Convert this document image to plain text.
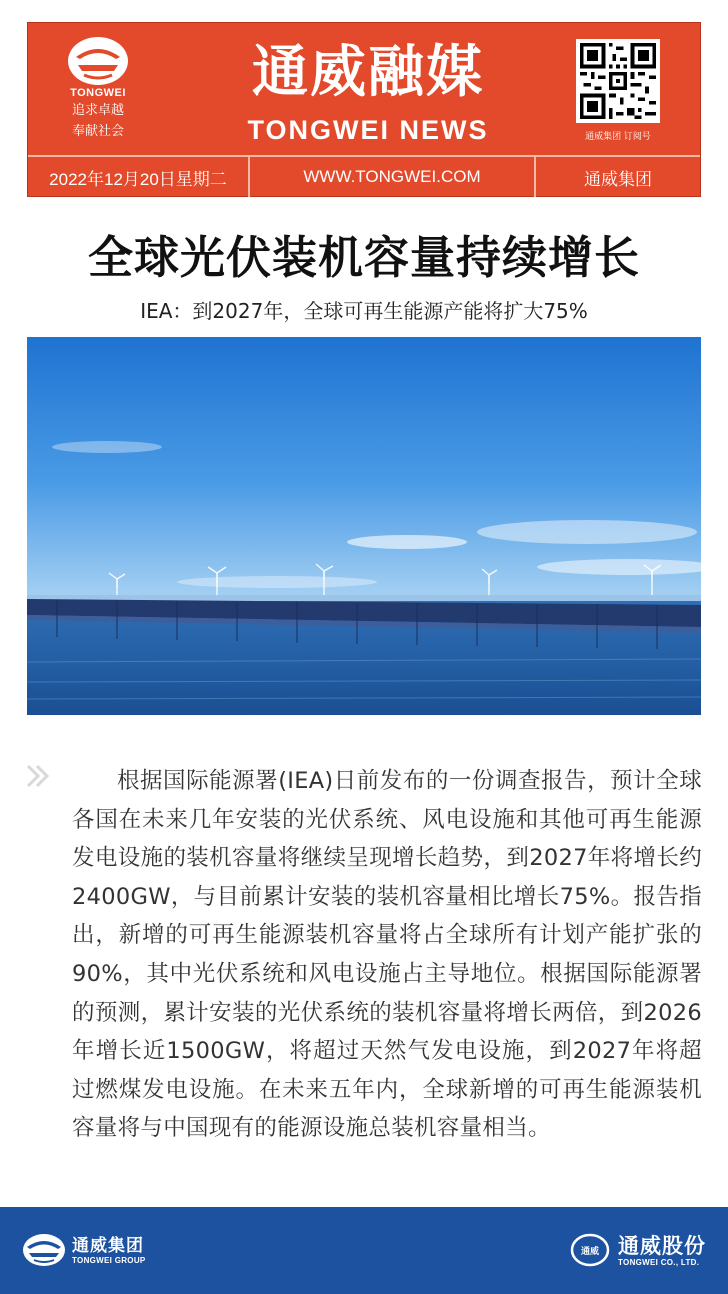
TONGWEI
追求卓越
奉献社会
通威融媒
TONGWEI NEWS	通威集团 订阅号
2022年12月20日星期二	WWW.TONGWEI.COM	通威集团
全球光伏装机容量持续增长
IEA：到2027年，全球可再生能源产能将扩大75%

根据国际能源署(IEA)日前发布的一份调查报告，预计全球各国在未来几年安装的光伏系统、风电设施和其他可再生能源发电设施的装机容量将继续呈现增长趋势，到2027年将增长约2400GW，与目前累计安装的装机容量相比增长75%。报告指出，新增的可再生能源装机容量将占全球所有计划产能扩张的90%，其中光伏系统和风电设施占主导地位。根据国际能源署的预测，累计安装的光伏系统的装机容量将增长两倍，到2026年增长近1500GW，将超过天然气发电设施，到2027年将超过燃煤发电设施。在未来五年内，全球新增的可再生能源装机容量将与中国现有的能源设施总装机容量相当。

通威集团
TONGWEI GROUP
通威 通威股份
TONGWEI CO., LTD.
